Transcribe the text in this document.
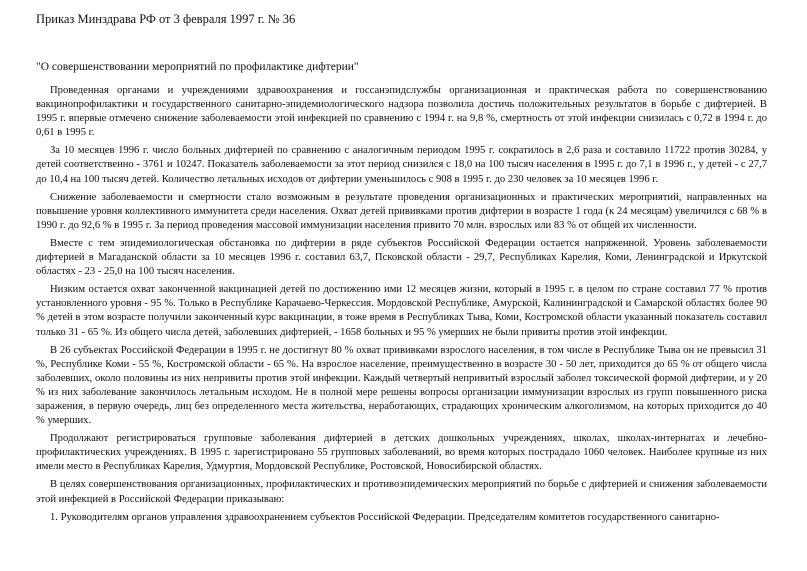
Приказ Минздрава РФ от 3 февраля 1997 г. № 36
"О совершенствовании мероприятий по профилактике дифтерии"

Проведенная органами и учреждениями здравоохранения и госсанэпидслужбы организационная и практическая работа по совершенствованию вакцинопрофилактики и государственного санитарно-эпидемиологического надзора позволила достичь положительных результатов в борьбе с дифтерией. В 1995 г. впервые отмечено снижение заболеваемости этой инфекцией по сравнению с 1994 г. на 9,8 %, смертность от этой инфекции снизилась с 0,72 в 1994 г. до 0,61 в 1995 г.

За 10 месяцев 1996 г. число больных дифтерией по сравнению с аналогичным периодом 1995 г. сократилось в 2,6 раза и составило 11722 против 30284, у детей соответственно - 3761 и 10247. Показатель заболеваемости за этот период снизился с 18,0 на 100 тысяч населения в 1995 г. до 7,1 в 1996 г., у детей - с 27,7 до 10,4 на 100 тысяч детей. Количество летальных исходов от дифтерии уменьшилось с 908 в 1995 г. до 230 человек за 10 месяцев 1996 г.

Снижение заболеваемости и смертности стало возможным в результате проведения организационных и практических мероприятий, направленных на повышение уровня коллективного иммунитета среди населения. Охват детей прививками против дифтерии в возрасте 1 года (к 24 месяцам) увеличился с 68 % в 1990 г. до 92,6 % в 1995 г. За период проведения массовой иммунизации населения привито 70 млн. взрослых или 83 % от общей их численности.

Вместе с тем эпидемиологическая обстановка по дифтерии в ряде субъектов Российской Федерации остается напряженной. Уровень заболеваемости дифтерией в Магаданской области за 10 месяцев 1996 г. составил 63,7, Псковской области - 29,7, Республиках Карелия, Коми, Ленинградской и Иркутской областях - 23 - 25,0 на 100 тысяч населения.

Низким остается охват законченной вакцинацией детей по достижению ими 12 месяцев жизни, который в 1995 г. в целом по стране составил 77 % против установленного уровня - 95 %. Только в Республике Карачаево-Черкессия. Мордовской Республике, Амурской, Калининградской и Самарской областях более 90 % детей в этом возрасте получили законченный курс вакцинации, в тоже время в Республиках Тыва, Коми, Костромской области указанный показатель составил только 31 - 65 %. Из общего числа детей, заболевших дифтерией, - 1658 больных и 95 % умерших не были привиты против этой инфекции.

В 26 субъектах Российской Федерации в 1995 г. не достигнут 80 % охват прививками взрослого населения, в том числе в Республике Тыва он не превысил 31 %, Республике Коми - 55 %, Костромской области - 65 %. На взрослое население, преимущественно в возрасте 30 - 50 лет, приходится до 65 % от общего числа заболевших, около половины из них непривиты против этой инфекции. Каждый четвертый непривитый взрослый заболел токсической формой дифтерии, и у 20 % из них заболевание закончилось летальным исходом. Не в полной мере решены вопросы организации иммунизации взрослых из групп повышенного риска заражения, в первую очередь, лиц без определенного места жительства, неработающих, страдающих хроническим алкоголизмом, на которых приходится до 40 % умерших.

Продолжают регистрироваться групповые заболевания дифтерией в детских дошкольных учреждениях, школах, школах-интернатах и лечебно-профилактических учреждениях. В 1995 г. зарегистрировано 55 групповых заболеваний, во время которых пострадало 1060 человек. Наиболее крупные из них имели место в Республиках Карелия, Удмуртия, Мордовской Республике, Ростовской, Новосибирской областях.

В целях совершенствования организационных, профилактических и противоэпидемических мероприятий по борьбе с дифтерией и снижения заболеваемости этой инфекцией в Российской Федерации приказываю:

1. Руководителям органов управления здравоохранением субъектов Российской Федерации. Председателям комитетов государственного санитарно-
